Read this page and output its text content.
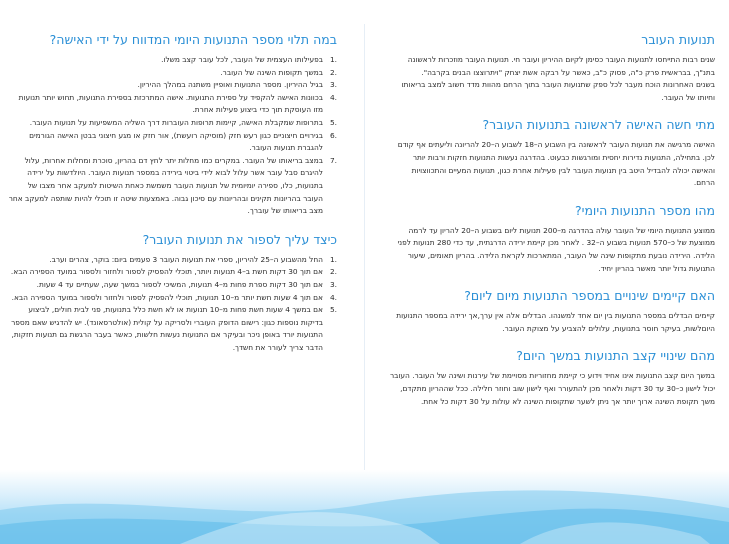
תנועות העובר

שנים רבות התייחסו לתנועות העובר כסימן לקיום ההיריון ועובר חי. תנועות העובר מוזכרות לראשונה בתנ"ך, בבראשית פרק כ"ה, פסוק כ"ב, כאשר על רבקה אשת יצחק "ויתרוצצו הבנים בקרבה".

בשנים האחרונות הוכח מעבר לכל ספק שתנועות העובר בתוך הרחם מהוות מדד חשוב למצב בריאותו וחיותו של העובר.

מתי חשה האישה לראשונה בתנועות העובר?

האישה מרגישה את תנועות העובר לראשונה בין השבוע ה–18 לשבוע ה–20 להריונה וליעתים אף קודם לכן. בתחילה, התנועות נדירות יחסית ומורגשות כבעוט. בהדרגה נעשות התנועות חזקות ורבות יותר והאישה יכולה להבדיל היטב בין תנועות העובר לבין פעילות אחרת כגון, תנועות המעיים והתכווצויות הרחם.

מהו מספר התנועות היומי?

ממוצע התנועות היומי של העובר עולה בהדרגה מ–200 תנועות ליום בשבוע ה–20 להריון עד לרמה ממוצעת של כ–570 תנועות בשבוע ה–32 . לאחר מכן קיימת ירידה הדרגתית, עד כדי 280 תנועות לפני הלידה. הירידה נובעת מתקופות שינה של העובר, המתארכות לקראת הלידה. בהריון תאומים, שיעור התנועות גדול יותר מאשר בהריון יחיד.

האם קיימים שינויים במספר התנועות מיום ליום?

קיימים הבדלים במספר התנועות בין יום אחד למשנהו. הבדלים אלה אין ערך,אך ירידה במספר התנועות היוםלשות, בעיקר חוסר בתנועות, עלולים להצביע על מצוקת העובר.

מהם שינויי קצב התנועות במשך היום?

במשך היום קצב התנועות אינו אחיד וידוע כי קיימת מחזוריות מסויימת של עירנות ושינה של העובר. העובר יכול לישון כ–30 עד 30 דקות ולאחר מכן להתעורר ואף לישון שוב וחוזר חלילה. ככל שההריון מתקדם, משך תקופת השינה ארוך יותר אך ניתן לשער שתקופות השינה לא עולות על 30 דקות כל אחת.

במה תלוי מספר התנועות היומי המדווח על ידי האישה?
.1
בפעילותו העצמית של העובר, לכל עובר קצב משלו.
.2
במשך תקופות השינה של העובר.
.3
בגיל ההיריון. מספר התנועות ואופיין משתנה במהלך ההיריון.
.4
בכוונות האישה להקפיד על ספירת התנועות. אישה המתרכזת בספירת התנועות, תחוש יותר תנועות מזו העוסקת תוך כדי ביצוע פעילות אחרת.
.5
בתרופות שמקבלת האישה, קיימות תרופות העוברות דרך השליה המשפיעות על תנועות העובר.
.6
בגירויים חיצוניים כגון רעש חזק (מוסיקה רועשת), אור חזק או מגע חיצוני בבטן האישה הגורמים להגברת תנועות העובר.
.7
במצב בריאותו של העובר. במקרים כמו מחלות יתר לחץ דם בהריון, סוכרת ומחלות אחרות, עלול להיגרם סבל עובר אשר עלול לבוא לידי ביטוי בירידה במספר תנועות העובר. היולדשות על ירידה בתנועות, כלו, ספירה יומיומית של תנועות העובר משמשת כאחת השיטות למעקב אחר מצבו של העובר בהריונות תקינים ובהריונות עם סיכון גבוה. באמצעות שיטה זו תוכלי להיות שותפה למעקב אחר מצב בריאותו של עוברך.
כיצד עליך לספור את תנועות העובר?
.1
החל מהשבוע ה–25 להיריון, ספרי את תנועות העובר 3 פעמים ביום: בוקר, צהרים וערב.
.2
אם תוך 30 דקות חשת ב–4 תנועות ויותר, תוכלי להפסיק לספור ולחזור ולספור במועד הספירה הבא.
.3
אם תוך 30 דקות ספרת פחות מ–4 תנועות, המשיכי לספור במשך שעה, שעתיים עד 4 שעות.
.4
אם תוך 4 שעות חשת יותר מ–10 תנועות, תוכלי להפסיק לספור ולחזור ולספור במועד הספירה הבא.
.5
אם במשך 4 שעות חשת פחות מ–10 תנועות או לא חשת כלל בתנועות, פני לבית חולים, לביצוע בדיקות נוספות כגון: רישום הדופק העוברי ולסריקה על קולית (אולטרסאונד). יש להדגיש שאם מספר התנועות יורד באופן ניכר ובעיקר אם התנועות נעשות חלשות, כאשר בעבר הרגשת גם תנועות חזקות, הדבר צריך לעורר את חשדך.
